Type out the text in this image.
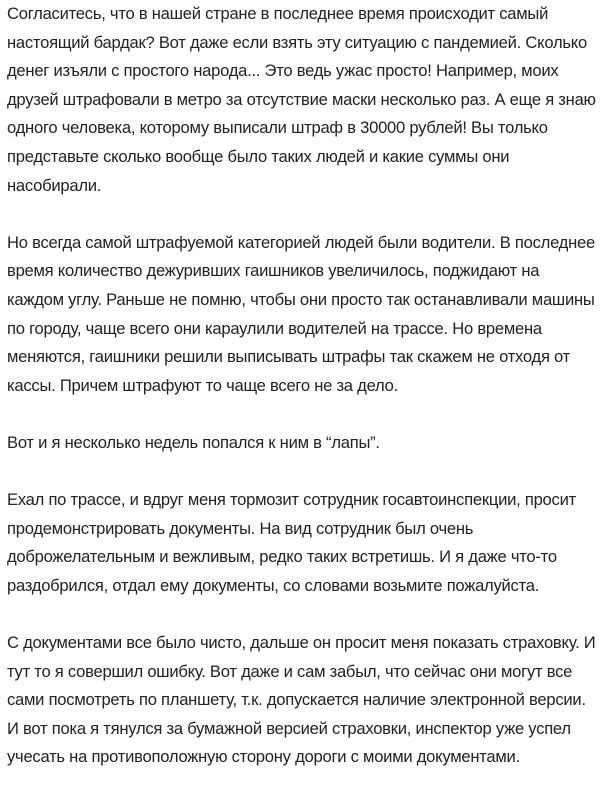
Согласитесь, что в нашей стране в последнее время происходит самый настоящий бардак? Вот даже если взять эту ситуацию с пандемией. Сколько денег изъяли с простого народа... Это ведь ужас просто! Например, моих друзей штрафовали в метро за отсутствие маски несколько раз. А еще я знаю одного человека, которому выписали штраф в 30000 рублей! Вы только представьте сколько вообще было таких людей и какие суммы они насобирали.

Но всегда самой штрафуемой категорией людей были водители. В последнее время количество дежуривших гаишников увеличилось, поджидают на каждом углу. Раньше не помню, чтобы они просто так останавливали машины по городу, чаще всего они караулили водителей на трассе. Но времена меняются, гаишники решили выписывать штрафы так скажем не отходя от кассы. Причем штрафуют то чаще всего не за дело.

Вот и я несколько недель попался к ним в “лапы”.

Ехал по трассе, и вдруг меня тормозит сотрудник госавтоинспекции, просит продемонстрировать документы. На вид сотрудник был очень доброжелательным и вежливым, редко таких встретишь. И я даже что-то раздобрился, отдал ему документы, со словами возьмите пожалуйста.

С документами все было чисто, дальше он просит меня показать страховку. И тут то я совершил ошибку. Вот даже и сам забыл, что сейчас они могут все сами посмотреть по планшету, т.к. допускается наличие электронной версии. И вот пока я тянулся за бумажной версией страховки, инспектор уже успел учесать на противоположную сторону дороги с моими документами.
